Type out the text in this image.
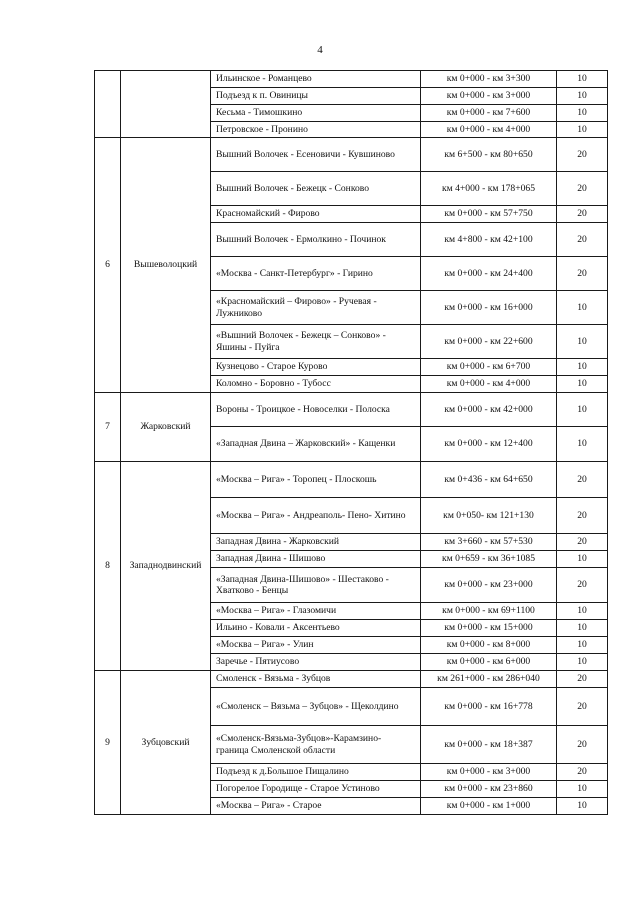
4
		Ильинское - Романцево	км 0+000 - км 3+300	10
		Подъезд к п. Овиницы	км 0+000 - км 3+000	10
		Кесьма - Тимошкино	км 0+000 - км 7+600	10
		Петровское - Пронино	км 0+000 - км 4+000	10
6	Вышеволоцкий	Вышний Волочек - Есеновичи - Кувшиново	км 6+500 - км 80+650	20
		Вышний Волочек - Бежецк - Сонково	км 4+000 - км 178+065	20
		Красномайский - Фирово	км 0+000 - км 57+750	20
		Вышний Волочек - Ермолкино - Починок	км 4+800 - км 42+100	20
		«Москва - Санкт-Петербург» - Гирино	км 0+000 - км 24+400	20
		«Красномайский – Фирово» - Ручевая - Лужниково	км 0+000 - км 16+000	10
		«Вышний Волочек - Бежецк – Сонково» - Яшины - Пуйга	км 0+000 - км 22+600	10
		Кузнецово - Старое Курово	км 0+000 - км 6+700	10
		Коломно - Боровно - Тубосс	км 0+000 - км 4+000	10
7	Жарковский	Вороны - Троицкое - Новоселки - Полоска	км 0+000 - км 42+000	10
		«Западная Двина – Жарковский» - Кащенки	км 0+000 - км 12+400	10
8	Западнодвинский	«Москва – Рига» - Торопец - Плоскошь	км 0+436 - км 64+650	20
		«Москва – Рига» - Андреаполь- Пено- Хитино	км 0+050- км 121+130	20
		Западная Двина - Жарковский	км 3+660 - км 57+530	20
		Западная Двина - Шишово	км 0+659 - км 36+1085	10
		«Западная Двина-Шишово» - Шестаково - Хватково - Бенцы	км 0+000 - км 23+000	20
		«Москва – Рига» - Глазомичи	км 0+000 - км 69+1100	10
		Ильино - Ковали - Аксентьево	км 0+000 - км 15+000	10
		«Москва – Рига» - Улин	км 0+000 - км 8+000	10
		Заречье - Пятиусово	км 0+000 - км 6+000	10
9	Зубцовский	Смоленск - Вязьма - Зубцов	км 261+000 - км 286+040	20
		«Смоленск – Вязьма – Зубцов» - Щеколдино	км 0+000 - км 16+778	20
		«Смоленск-Вязьма-Зубцов»-Карамзино- граница Смоленской области	км 0+000 - км 18+387	20
		Подъезд к д.Большое Пищалино	км 0+000 - км 3+000	20
		Погорелое Городище - Старое Устиново	км 0+000 - км 23+860	10
		«Москва – Рига» - Старое	км 0+000 - км 1+000	10
